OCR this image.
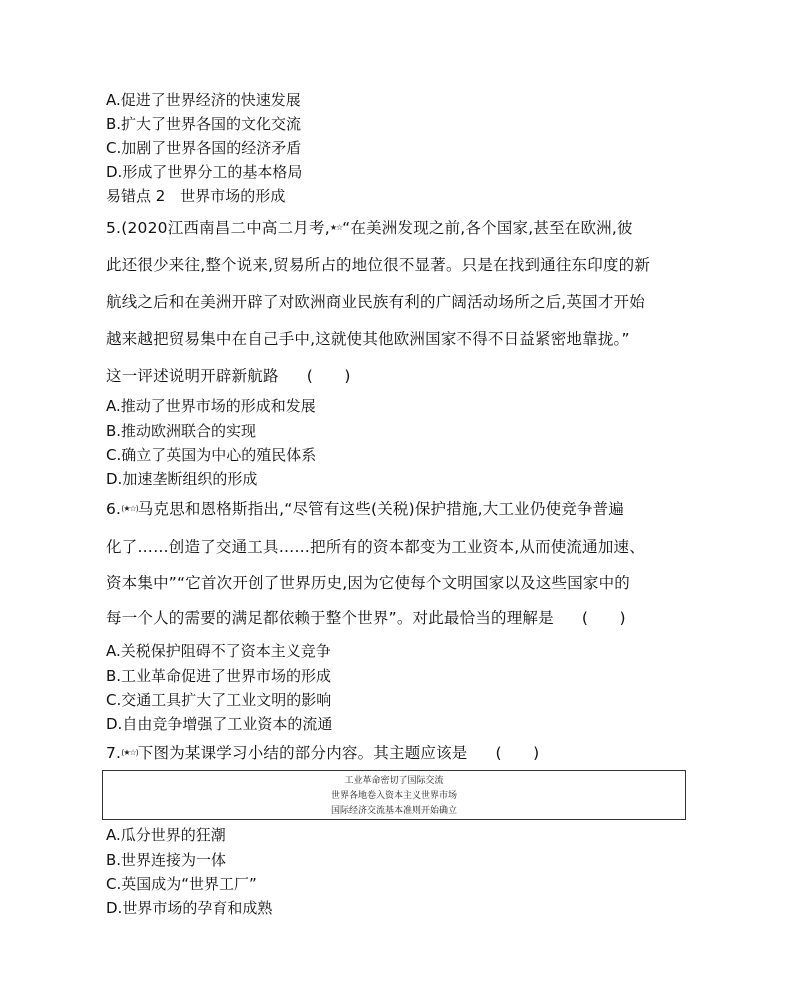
A.促进了世界经济的快速发展
B.扩大了世界各国的文化交流
C.加剧了世界各国的经济矛盾
D.形成了世界分工的基本格局
易错点 2　世界市场的形成
5.(2020江西南昌二中高二月考,★☆“在美洲发现之前,各个国家,甚至在欧洲,彼
此还很少来往,整个说来,贸易所占的地位很不显著。只是在找到通往东印度的新
航线之后和在美洲开辟了对欧洲商业民族有利的广阔活动场所之后,英国才开始
越来越把贸易集中在自己手中,这就使其他欧洲国家不得不日益紧密地靠拢。”
这一评述说明开辟新航路 (　　)
A.推动了世界市场的形成和发展
B.推动欧洲联合的实现
C.确立了英国为中心的殖民体系
D.加速垄断组织的形成
6.(★☆)马克思和恩格斯指出,“尽管有这些(关税)保护措施,大工业仍使竞争普遍
化了……创造了交通工具……把所有的资本都变为工业资本,从而使流通加速、
资本集中”“它首次开创了世界历史,因为它使每个文明国家以及这些国家中的
每一个人的需要的满足都依赖于整个世界”。对此最恰当的理解是 (　　)
A.关税保护阻碍不了资本主义竞争
B.工业革命促进了世界市场的形成
C.交通工具扩大了工业文明的影响
D.自由竞争增强了工业资本的流通
7.(★☆)下图为某课学习小结的部分内容。其主题应该是 (　　)
工业革命密切了国际交流
世界各地卷入资本主义世界市场
国际经济交流基本准则开始确立
A.瓜分世界的狂潮
B.世界连接为一体
C.英国成为“世界工厂”
D.世界市场的孕育和成熟
